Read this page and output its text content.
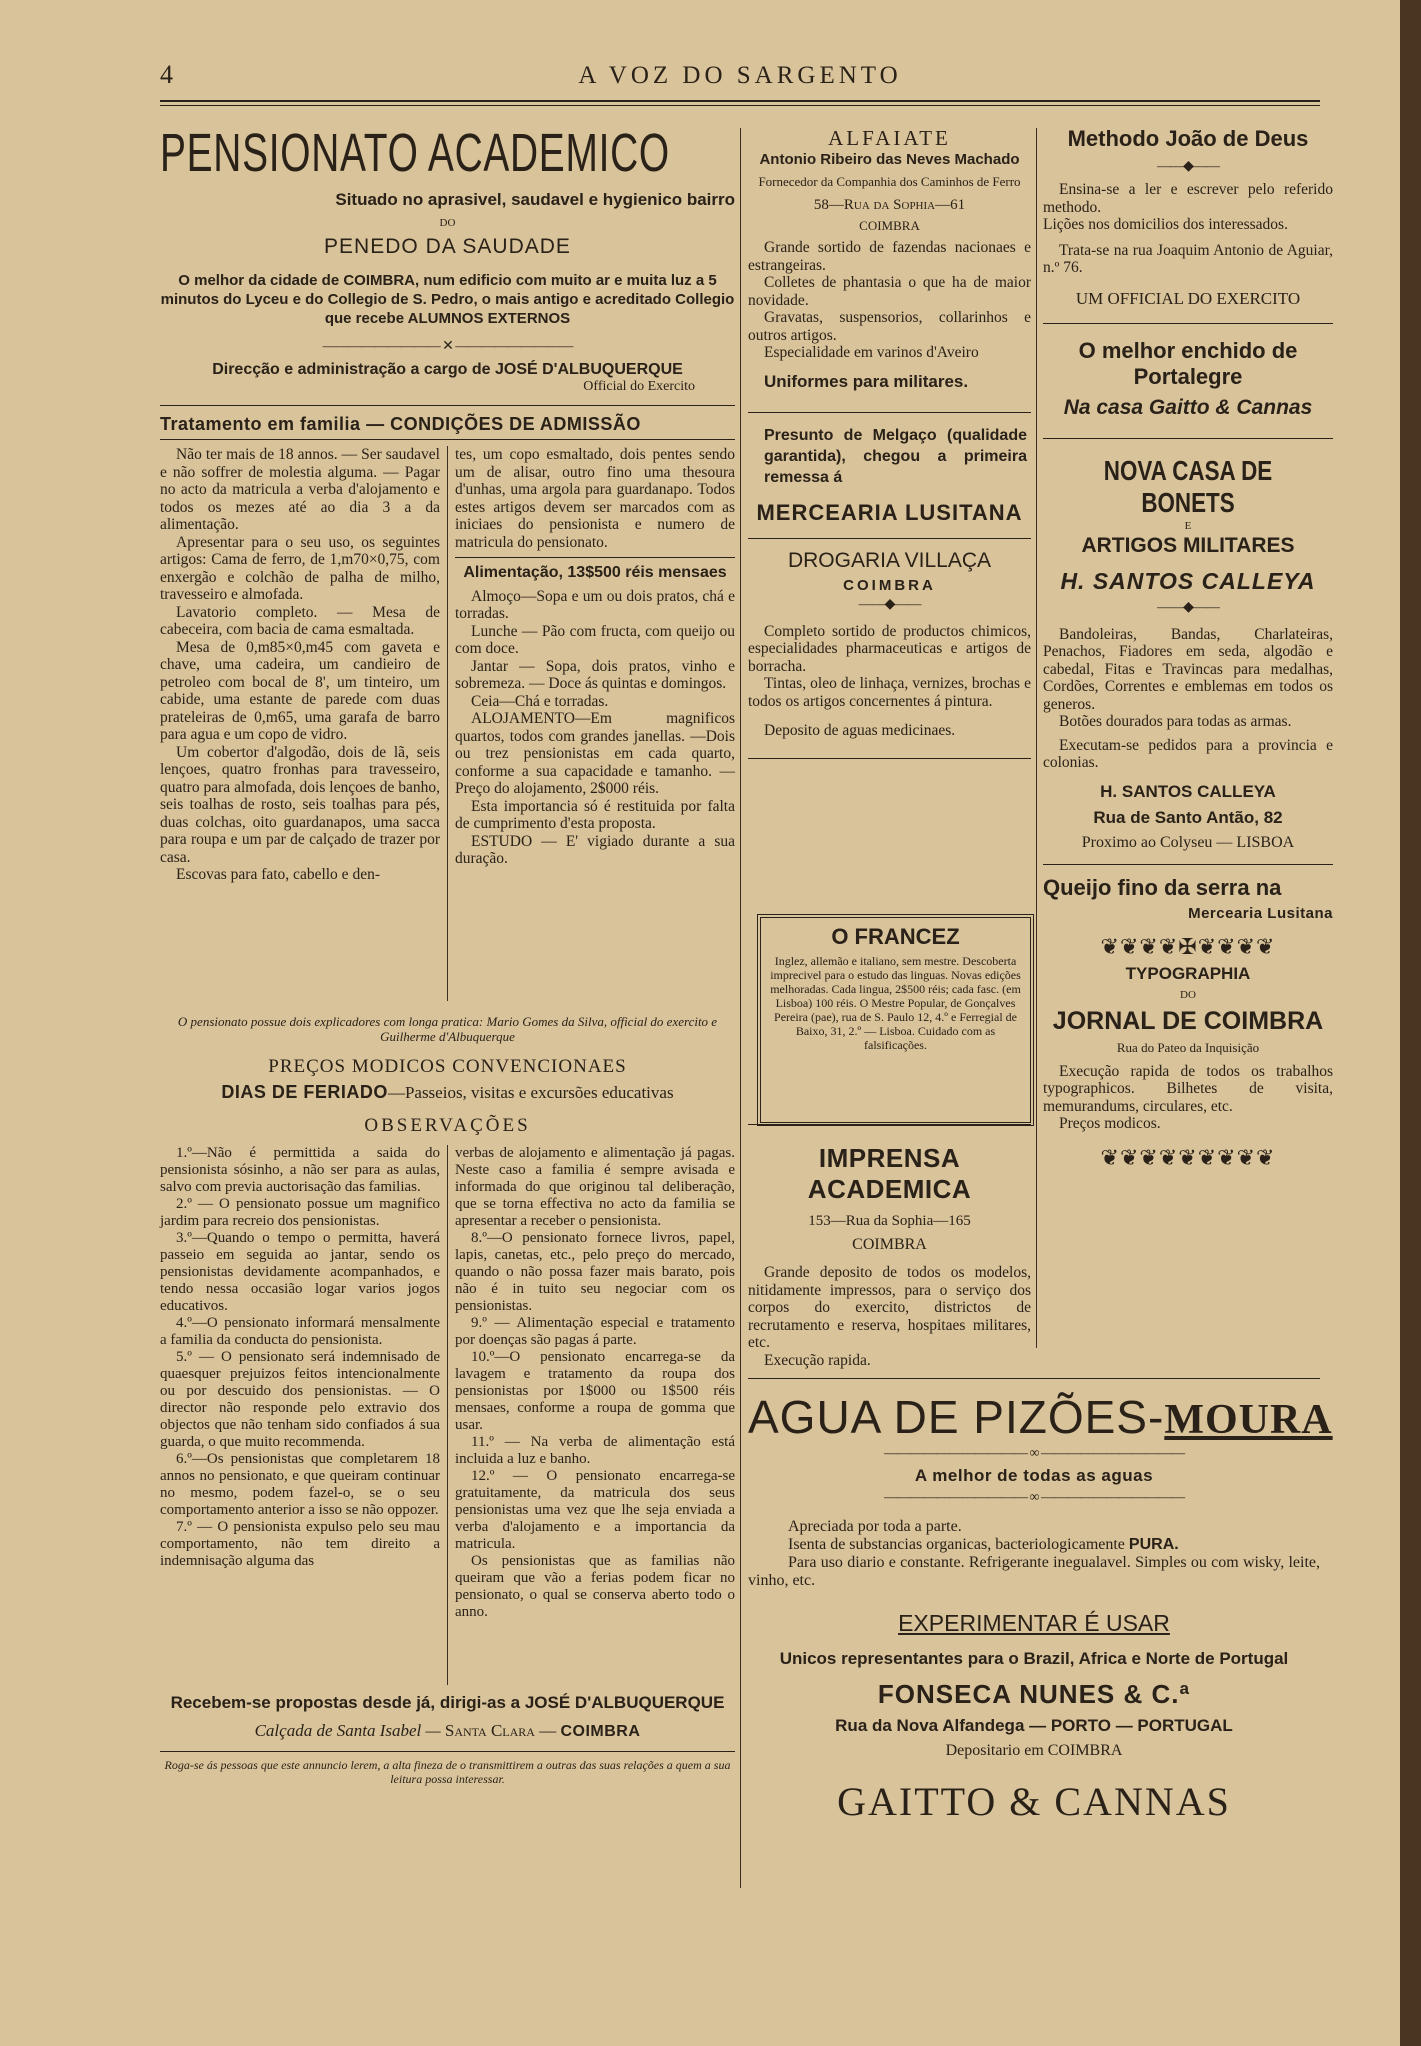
4	A VOZ DO SARGENTO
PENSIONATO ACADEMICO
Situado no aprasivel, saudavel e hygienico bairro
DO
PENEDO DA SAUDADE
O melhor da cidade de COIMBRA, num edificio com muito ar e muita luz a 5 minutos do Lyceu e do Collegio de S. Pedro, o mais antigo e acreditado Collegio que recebe ALUMNOS EXTERNOS
————————— ✕ —————————
Direcção e administração a cargo de JOSÉ D'ALBUQUERQUE
Official do Exercito
Tratamento em familia — CONDIÇÕES DE ADMISSÃO

Não ter mais de 18 annos. — Ser saudavel e não soffrer de molestia alguma. — Pagar no acto da matricula a verba d'alojamento e todos os mezes até ao dia 3 a da alimentação.

Apresentar para o seu uso, os seguintes artigos: Cama de ferro, de 1,m70×0,75, com enxergão e colchão de palha de milho, travesseiro e almofada.

Lavatorio completo. — Mesa de cabeceira, com bacia de cama esmaltada.

Mesa de 0,m85×0,m45 com gaveta e chave, uma cadeira, um candieiro de petroleo com bocal de 8', um tinteiro, um cabide, uma estante de parede com duas prateleiras de 0,m65, uma garafa de barro para agua e um copo de vidro.

Um cobertor d'algodão, dois de lã, seis lençoes, quatro fronhas para travesseiro, quatro para almofada, dois lençoes de banho, seis toalhas de rosto, seis toalhas para pés, duas colchas, oito guardanapos, uma sacca para roupa e um par de calçado de trazer por casa.

Escovas para fato, cabello e den-

tes, um copo esmaltado, dois pentes sendo um de alisar, outro fino uma thesoura d'unhas, uma argola para guardanapo. Todos estes artigos devem ser marcados com as iniciaes do pensionista e numero de matricula do pensionato.

Alimentação, 13$500 réis mensaes

Almoço—Sopa e um ou dois pratos, chá e torradas.

Lunche — Pão com fructa, com queijo ou com doce.

Jantar — Sopa, dois pratos, vinho e sobremeza. — Doce ás quintas e domingos.

Ceia—Chá e torradas.

ALOJAMENTO—Em magnificos quartos, todos com grandes janellas. —Dois ou trez pensionistas em cada quarto, conforme a sua capacidade e tamanho. — Preço do alojamento, 2$000 réis.

Esta importancia só é restituida por falta de cumprimento d'esta proposta.

ESTUDO — E' vigiado durante a sua duração.

O pensionato possue dois explicadores com longa pratica: Mario Gomes da Silva, official do exercito e Guilherme d'Albuquerque
PREÇOS MODICOS CONVENCIONAES
DIAS DE FERIADO—Passeios, visitas e excursões educativas
OBSERVAÇÕES

1.º—Não é permittida a saida do pensionista sósinho, a não ser para as aulas, salvo com previa auctorisação das familias.

2.º — O pensionato possue um magnifico jardim para recreio dos pensionistas.

3.º—Quando o tempo o permitta, haverá passeio em seguida ao jantar, sendo os pensionistas devidamente acompanhados, e tendo nessa occasião logar varios jogos educativos.

4.º—O pensionato informará mensalmente a familia da conducta do pensionista.

5.º — O pensionato será indemnisado de quaesquer prejuizos feitos intencionalmente ou por descuido dos pensionistas. — O director não responde pelo extravio dos objectos que não tenham sido confiados á sua guarda, o que muito recommenda.

6.º—Os pensionistas que completarem 18 annos no pensionato, e que queiram continuar no mesmo, podem fazel-o, se o seu comportamento anterior a isso se não oppozer.

7.º — O pensionista expulso pelo seu mau comportamento, não tem direito a indemnisação alguma das

verbas de alojamento e alimentação já pagas. Neste caso a familia é sempre avisada e informada do que originou tal deliberação, que se torna effectiva no acto da familia se apresentar a receber o pensionista.

8.º—O pensionato fornece livros, papel, lapis, canetas, etc., pelo preço do mercado, quando o não possa fazer mais barato, pois não é in tuito seu negociar com os pensionistas.

9.º — Alimentação especial e tratamento por doenças são pagas á parte.

10.º—O pensionato encarrega-se da lavagem e tratamento da roupa dos pensionistas por 1$000 ou 1$500 réis mensaes, conforme a roupa de gomma que usar.

11.º — Na verba de alimentação está incluida a luz e banho.

12.º — O pensionato encarrega-se gratuitamente, da matricula dos seus pensionistas uma vez que lhe seja enviada a verba d'alojamento e a importancia da matricula.

Os pensionistas que as familias não queiram que vão a ferias podem ficar no pensionato, o qual se conserva aberto todo o anno.

Recebem-se propostas desde já, dirigi-as a JOSÉ D'ALBUQUERQUE
Calçada de Santa Isabel — Santa Clara — COIMBRA
Roga-se ás pessoas que este annuncio lerem, a alta fineza de o transmittirem a outras das suas relações a quem a sua leitura possa interessar.
ALFAIATE
Antonio Ribeiro das Neves Machado
Fornecedor da Companhia dos Caminhos de Ferro
58—Rua da Sophia—61
COIMBRA

Grande sortido de fazendas nacionaes e estrangeiras.

Colletes de phantasia o que ha de maior novidade.

Gravatas, suspensorios, collarinhos e outros artigos.

Especialidade em varinos d'Aveiro

Uniformes para militares.
Presunto de Melgaço (qualidade garantida), chegou a primeira remessa á
MERCEARIA LUSITANA
DROGARIA VILLAÇA
COIMBRA
——◆——

Completo sortido de productos chimicos, especialidades pharmaceuticas e artigos de borracha.

Tintas, oleo de linhaça, vernizes, brochas e todos os artigos concernentes á pintura.

Deposito de aguas medicinaes.

O FRANCEZ
Inglez, allemão e italiano, sem mestre. Descoberta imprecivel para o estudo das linguas. Novas edições melhoradas. Cada lingua, 2$500 réis; cada fasc. (em Lisboa) 100 réis. O Mestre Popular, de Gonçalves Pereira (pae), rua de S. Paulo 12, 4.º e Ferregial de Baixo, 31, 2.º — Lisboa. Cuidado com as falsificações.
IMPRENSA ACADEMICA
153—Rua da Sophia—165
COIMBRA

Grande deposito de todos os modelos, nitidamente impressos, para o serviço dos corpos do exercito, districtos de recrutamento e reserva, hospitaes militares, etc.

Execução rapida.

Methodo João de Deus
——◆——

Ensina-se a ler e escrever pelo referido methodo.

Lições nos domicilios dos interessados.

Trata-se na rua Joaquim Antonio de Aguiar, n.º 76.

UM OFFICIAL DO EXERCITO
O melhor enchido de Portalegre
Na casa Gaitto & Cannas
NOVA CASA DE BONETS
E
ARTIGOS MILITARES
H. SANTOS CALLEYA
——◆——

Bandoleiras, Bandas, Charlateiras, Penachos, Fiadores em seda, algodão e cabedal, Fitas e Travincas para medalhas, Cordões, Correntes e emblemas em todos os generos.

Botões dourados para todas as armas.

Executam-se pedidos para a provincia e colonias.

H. SANTOS CALLEYA
Rua de Santo Antão, 82
Proximo ao Colyseu — LISBOA
Queijo fino da serra na
Mercearia Lusitana
❦❦❦❦✠❦❦❦❦
TYPOGRAPHIA
DO
JORNAL DE COIMBRA
Rua do Pateo da Inquisição
Execução rapida de todos os trabalhos typographicos. Bilhetes de visita, memurandums, circulares, etc.
Preços modicos.
❦❦❦❦❦❦❦❦❦
AGUA DE PIZÕES-MOURA
——————————— ∞ ———————————
A melhor de todas as aguas
——————————— ∞ ———————————

Apreciada por toda a parte.

Isenta de substancias organicas, bacteriologicamente PURA.

Para uso diario e constante. Refrigerante inegualavel. Simples ou com wisky, leite, vinho, etc.

EXPERIMENTAR É USAR
Unicos representantes para o Brazil, Africa e Norte de Portugal
FONSECA NUNES & C.ª
Rua da Nova Alfandega — PORTO — PORTUGAL
Depositario em COIMBRA
GAITTO & CANNAS
